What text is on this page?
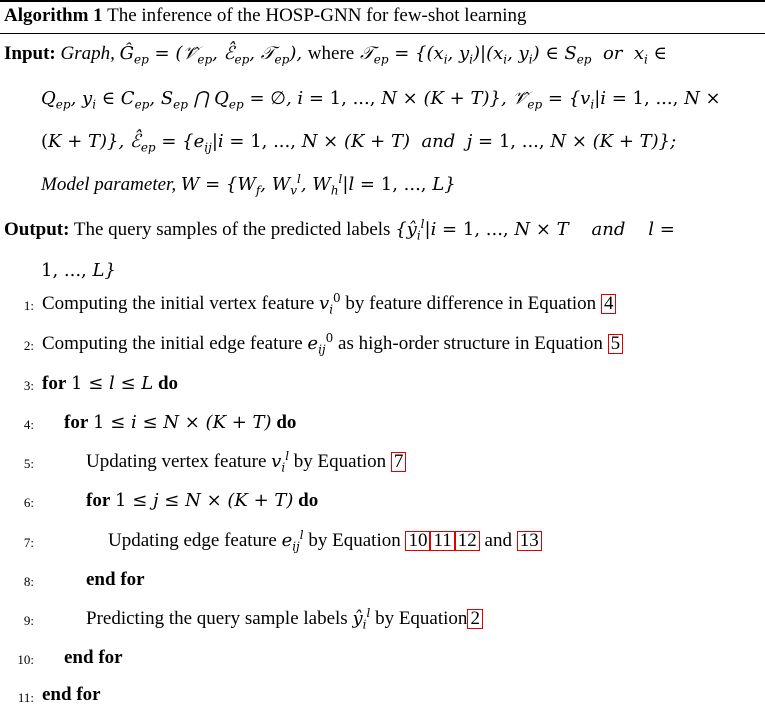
Algorithm 1 The inference of the HOSP-GNN for few-shot learning
Input: Graph, $Ĝ_{ep}$ = ($𝒱̂_{ep}$, $ℰ̂_{ep}$, 𝒯$_{ep}$), where 𝒯$_{ep}$ = {($x_i$, $y_i)|(x_i$, $y_i$) ∈ $S_{ep}$  or  $x_i$ ∈
$Q_{ep}$, $y_i$ ∈ $C_{ep}$, $S_{ep}$ ⋂ $Q_{ep}$ = ∅, i = 1, ..., N × (K + T)}, $𝒱̂_{ep} = \{v_i|i = 1$, ..., N ×
(K + T)}, $ℰ̂_{ep} = \{e_{ij}|i = 1$, ..., N × (K + T)  and  j = 1, ..., N × (K + T)};
Model parameter, $W = \{W_f$, $W_v^l$, $W_h^l|l = 1$, ..., L}
Output: The query samples of the predicted labels {$ŷ_i^l|i = 1$, ..., N × T    and    l =
1, ..., L}
1: Computing the initial vertex feature $v_i^0$ by feature difference in Equation 4
2: Computing the initial edge feature $e_{ij}^0$ as high-order structure in Equation 5
3: for 1 ≤ l ≤ L do
4: for 1 ≤ i ≤ N × (K + T) do
5:	Updating vertex feature $v_i^l$ by Equation 7
6:	for 1 ≤ j ≤ N × (K + T) do
7:	Updating edge feature $e_{ij}^l$ by Equation 10 11 12 and 13
8:	end for
9:	Predicting the query sample labels $ŷ_i^l$ by Equation 2
10: end for
11: end for
